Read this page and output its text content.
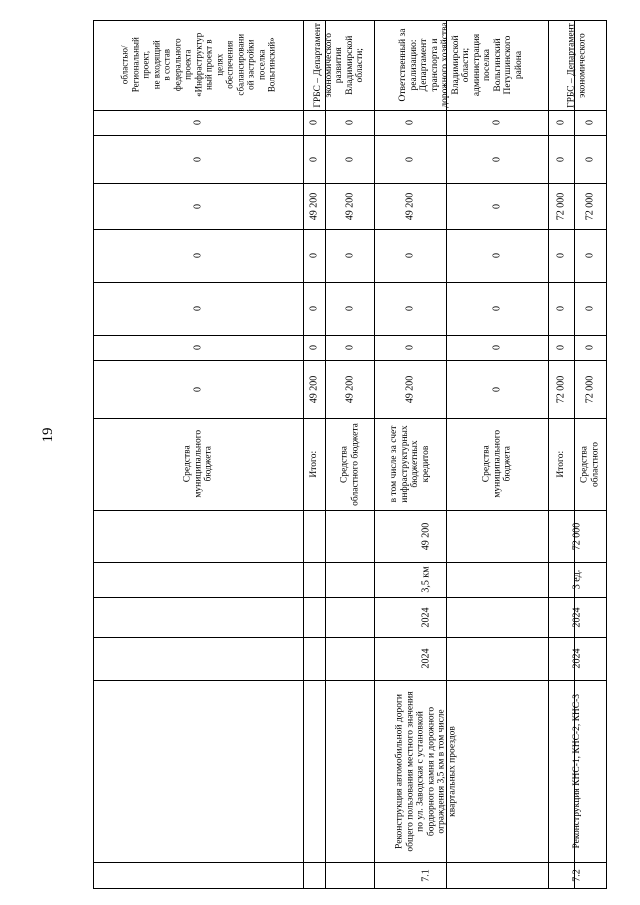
19
областью/ Региональный проект, не входящий в состав федерального проекта «Инфраструктур ный проект в целях обеспечения сбалансировани ой застройки поселка Вольгинский»
Средства муниципального бюджета
0
0
0
0
0
0
0
Итого:
49 200
0
0
0
49 200
0
0
Средства областного бюджета
49 200
0
0
0
49 200
0
0
в том числе за счет инфраструктурных бюджетных кредитов
49 200
0
0
0
49 200
0
0
Средства муниципального бюджета
0
0
0
0
0
0
0
ГРБС – Департамент экономического развития Владимирской области;	Ответственный за реализацию: Департамент транспорта и дорожного хозяйства Владимирской области; администрация поселка Вольгинский Петушинского района
Реконструкция автомобильной дороги общего пользования местного значения по ул. Заводская с установкой бордюрного камня и дорожного ограждения 3,5 км в том числе квартальных проездов
2024
2024
3,5 км
49 200
7.1
Итого:
72 000
0
0
0
72 000
0
0
Средства областного
72 000
0
0
0
72 000
0
0
ГРБС – Департамент экономического
Реконструкция КНС-1, КНС-2, КНС-3
2024
2024
3 ед.
72 000
7.2
